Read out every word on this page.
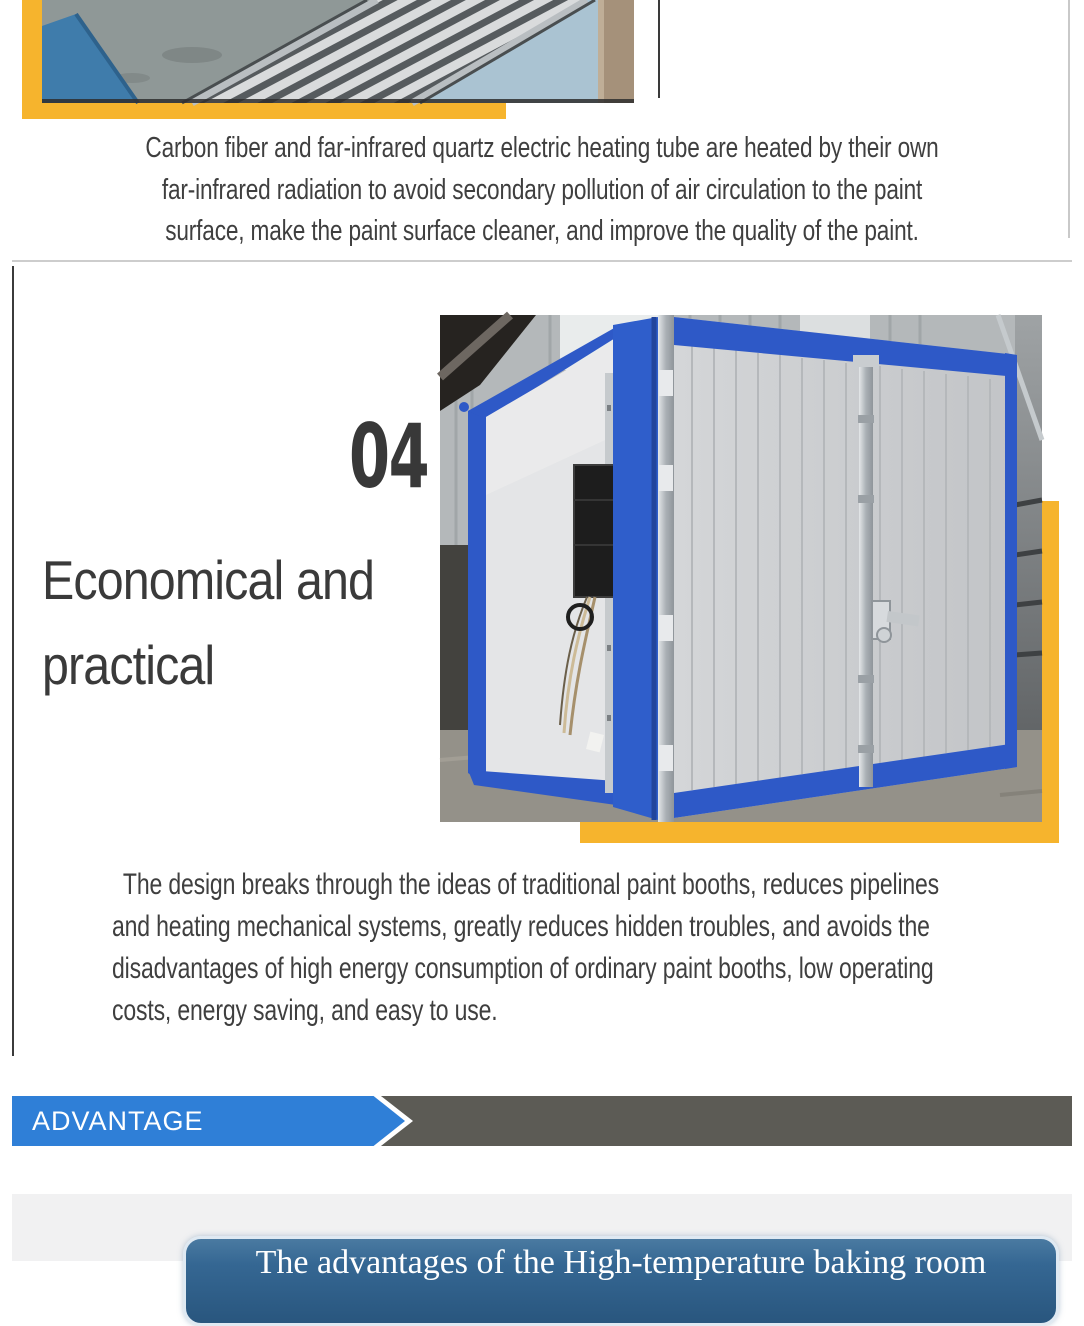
Carbon fiber and far-infrared quartz electric heating tube are heated by their own
far-infrared radiation to avoid secondary pollution of air circulation to the paint
surface, make the paint surface cleaner, and improve the quality of the paint.
04
Economical and
practical
The design breaks through the ideas of traditional paint booths, reduces pipelines
and heating mechanical systems, greatly reduces hidden troubles, and avoids the
disadvantages of high energy consumption of ordinary paint booths, low operating
costs, energy saving, and easy to use.
ADVANTAGE
The advantages of the High-temperature baking room
